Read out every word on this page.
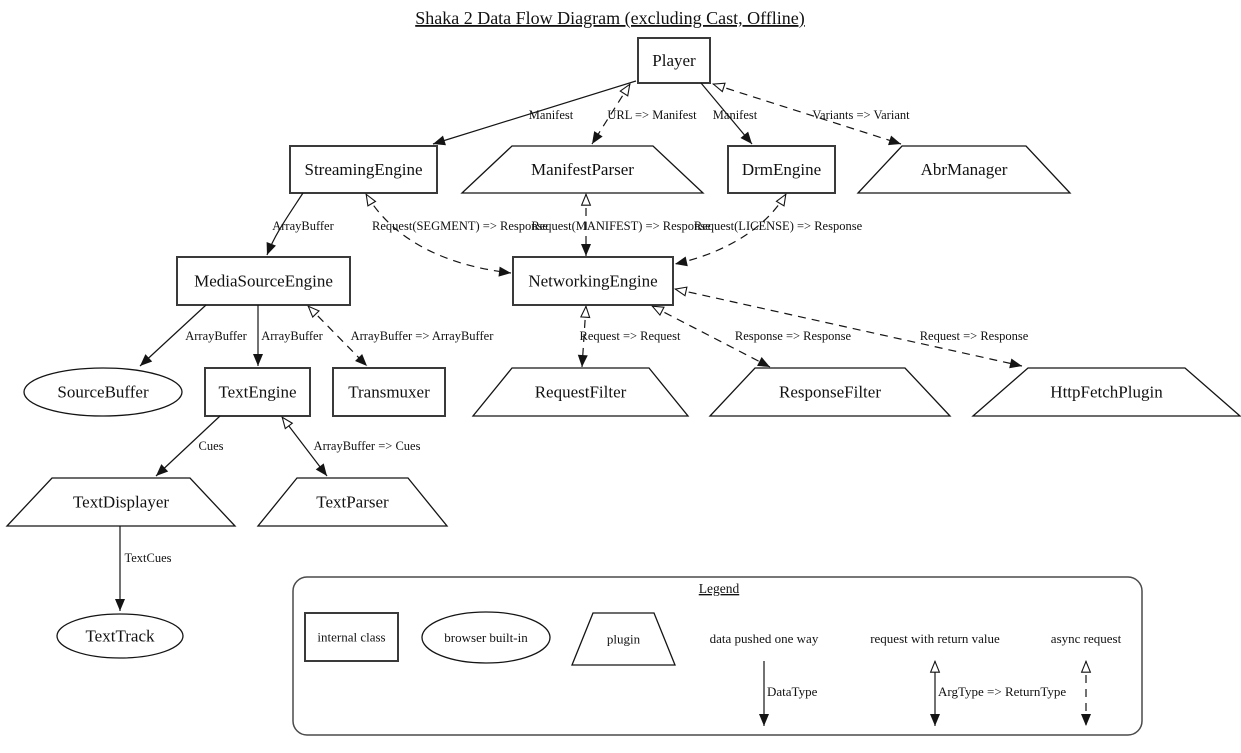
Player
StreamingEngine	ManifestParser	DrmEngine	AbrManager
MediaSourceEngine	NetworkingEngine
SourceBuffer	TextEngine	Transmuxer	RequestFilter	ResponseFilter	HttpFetchPlugin
TextDisplayer	TextParser
TextTrack
Manifest	URL => Manifest Manifest	Variants => Variant
ArrayBuffer	Request(SEGMENT) => Response
Request(MANIFEST) => Response
Request(LICENSE) => Response
ArrayBuffer ArrayBuffer ArrayBuffer => ArrayBuffer	Request => Request	Response => Response	Request => Response
Cues	ArrayBuffer => Cues
TextCues
Legend
internal class	browser built-in	plugin	data pushed one way
DataType
request with return value
ArgType => ReturnType
async request
Shaka 2 Data Flow Diagram (excluding Cast, Offline)
